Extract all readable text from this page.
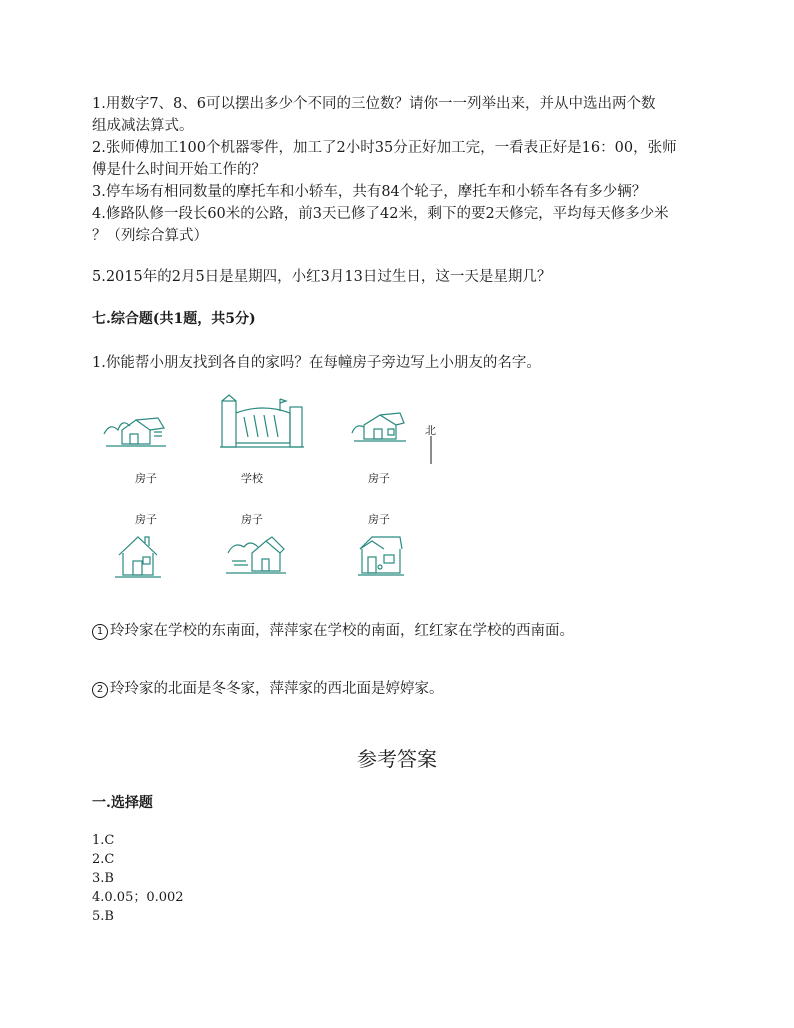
1.用数字7、8、6可以摆出多少个不同的三位数？请你一一列举出来，并从中选出两个数
组成减法算式。
2.张师傅加工100个机器零件，加工了2小时35分正好加工完，一看表正好是16：00，张师
傅是什么时间开始工作的？
3.停车场有相同数量的摩托车和小轿车，共有84个轮子，摩托车和小轿车各有多少辆？
4.修路队修一段长60米的公路，前3天已修了42米，剩下的要2天修完，平均每天修多少米
？（列综合算式）
5.2015年的2月5日是星期四，小红3月13日过生日，这一天是星期几？
七.综合题(共1题，共5分)
1.你能帮小朋友找到各自的家吗？在每幢房子旁边写上小朋友的名字。
北
房子	学校	房子
房子	房子	房子
1 玲玲家在学校的东南面，萍萍家在学校的南面，红红家在学校的西南面。
2 玲玲家的北面是冬冬家，萍萍家的西北面是婷婷家。
参考答案
一.选择题
1.C
2.C
3.B
4.0.05；0.002
5.B
